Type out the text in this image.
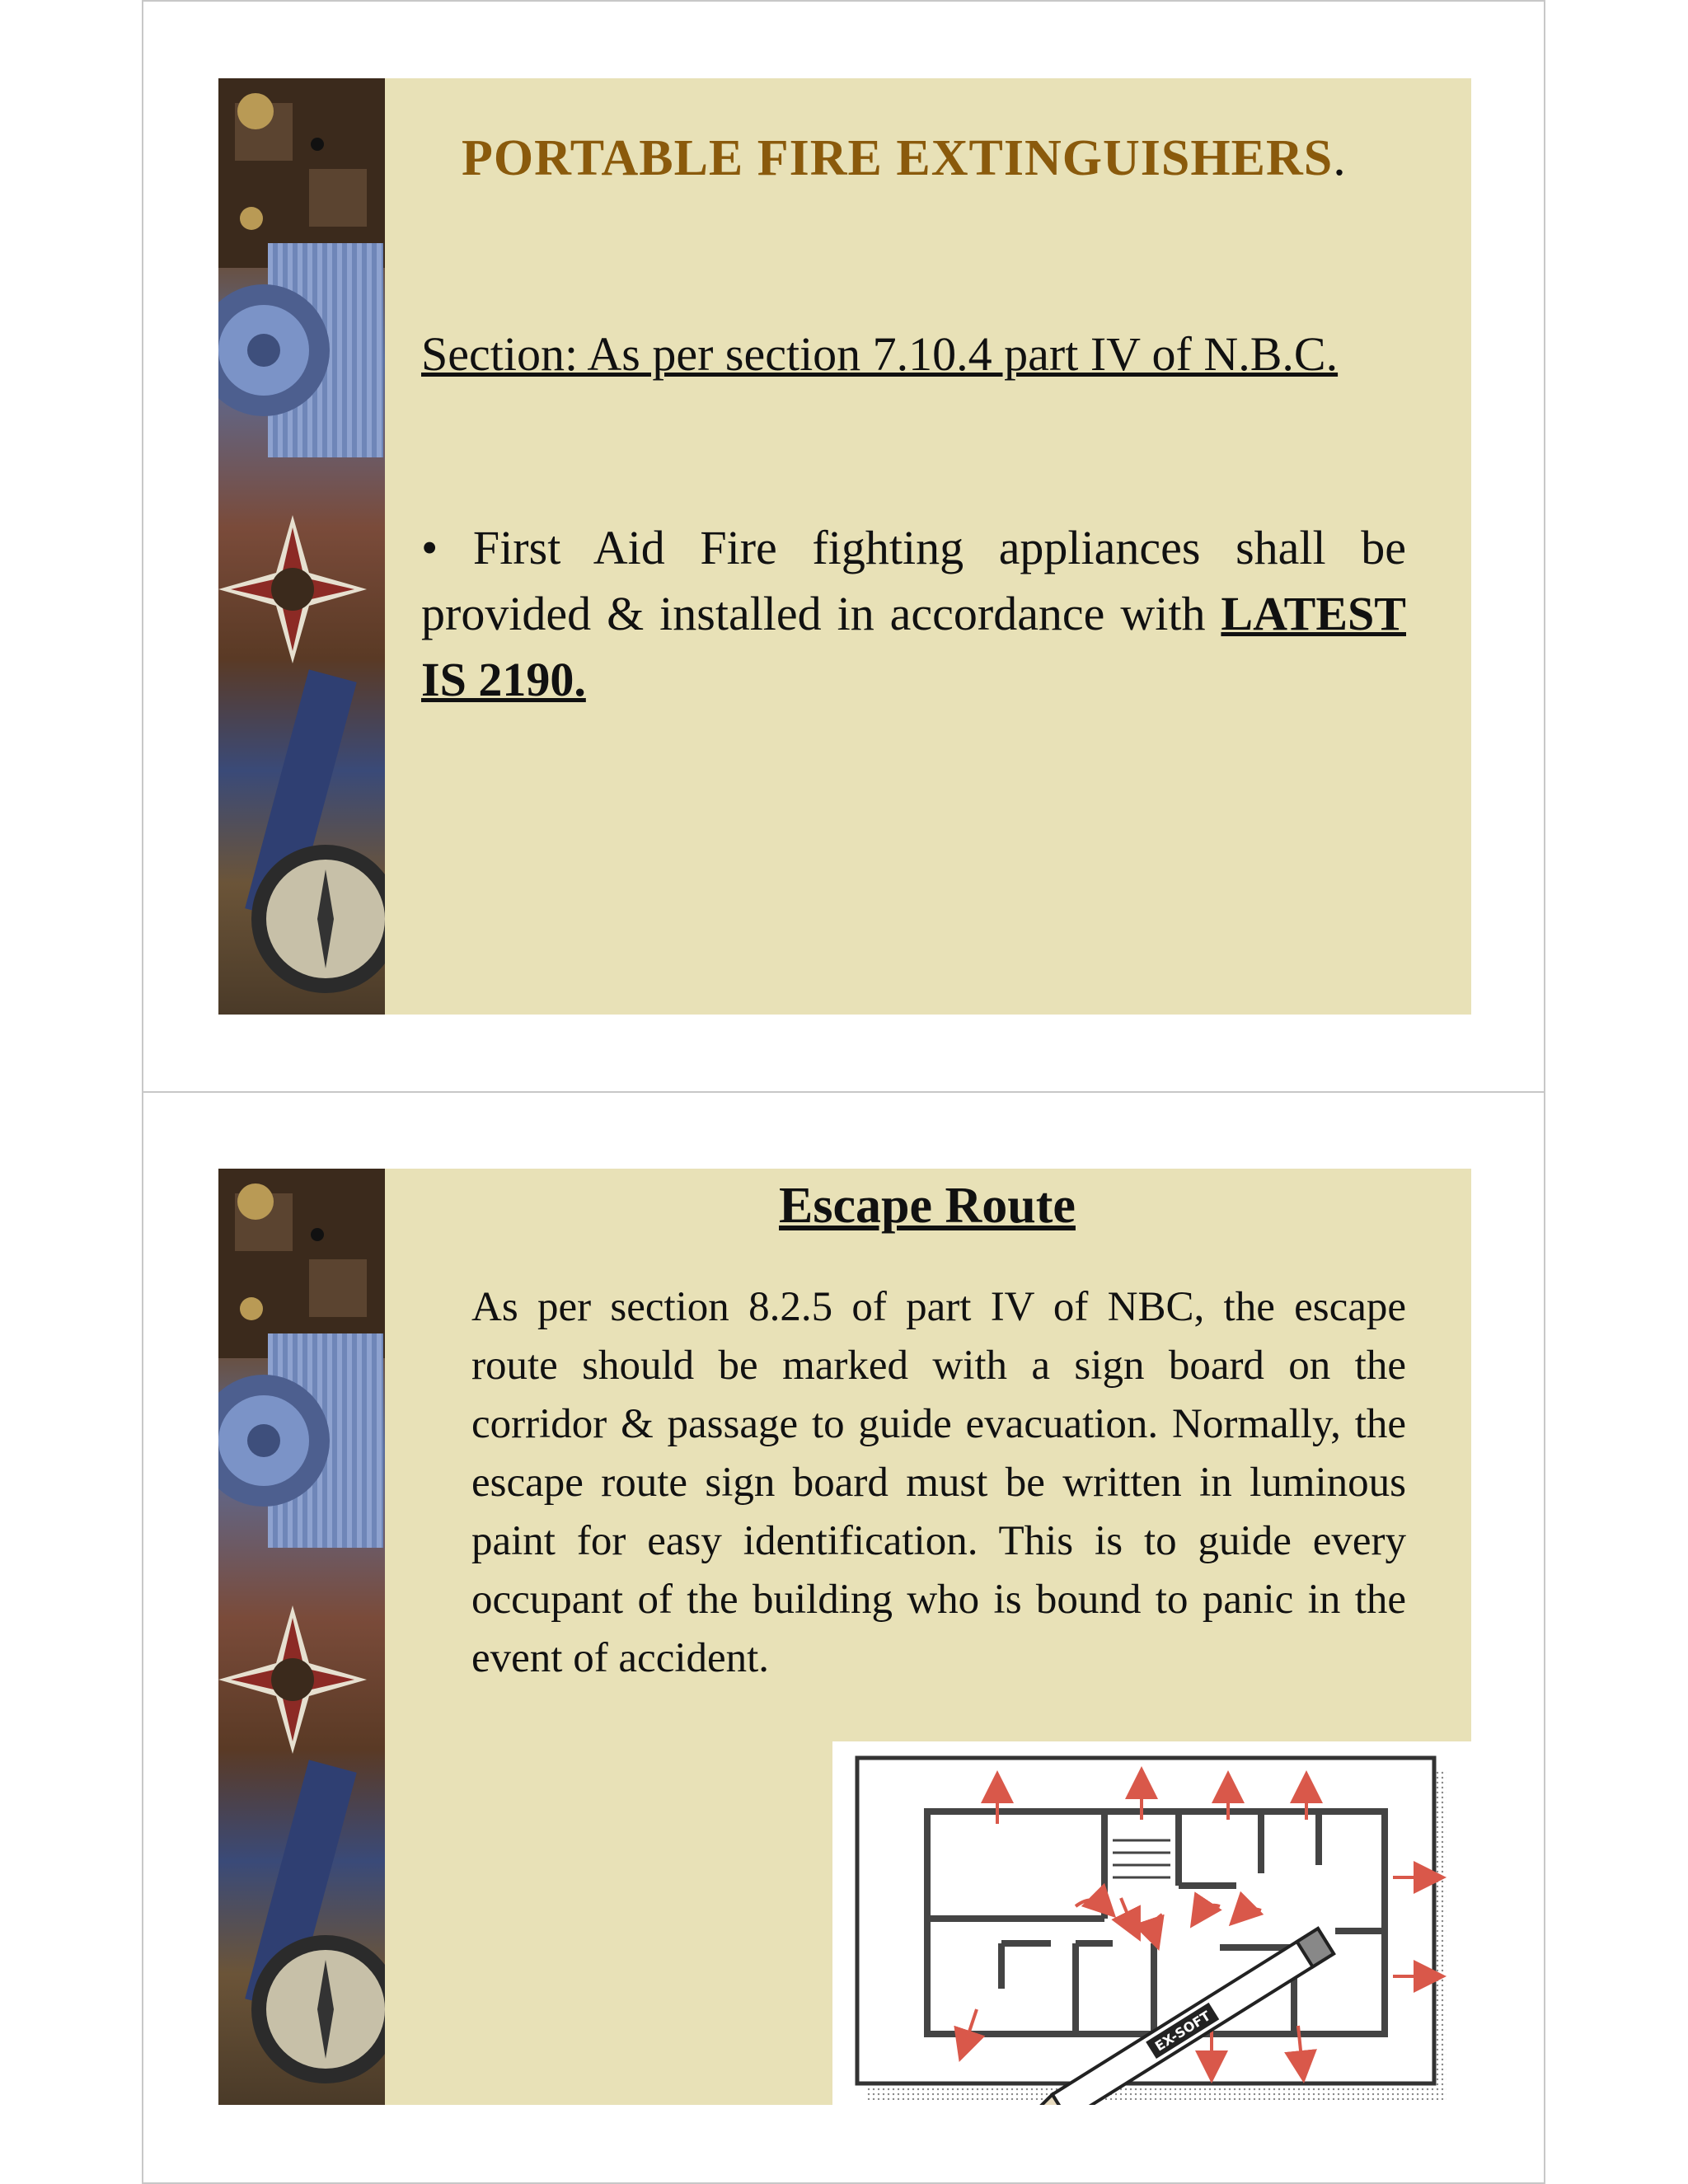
PORTABLE FIRE EXTINGUISHERS.
Section: As per section 7.10.4 part IV of N.B.C.
• First Aid Fire fighting appliances shall be provided & installed in accordance with LATEST IS 2190.
Escape Route
As per section 8.2.5 of part IV of NBC, the escape route should be marked with a sign board on the corridor & passage to guide evacuation. Normally, the escape route sign board must be written in luminous paint for easy identification. This is to guide every occupant of the building who is bound to panic in the event of accident.
EX-SOFT
